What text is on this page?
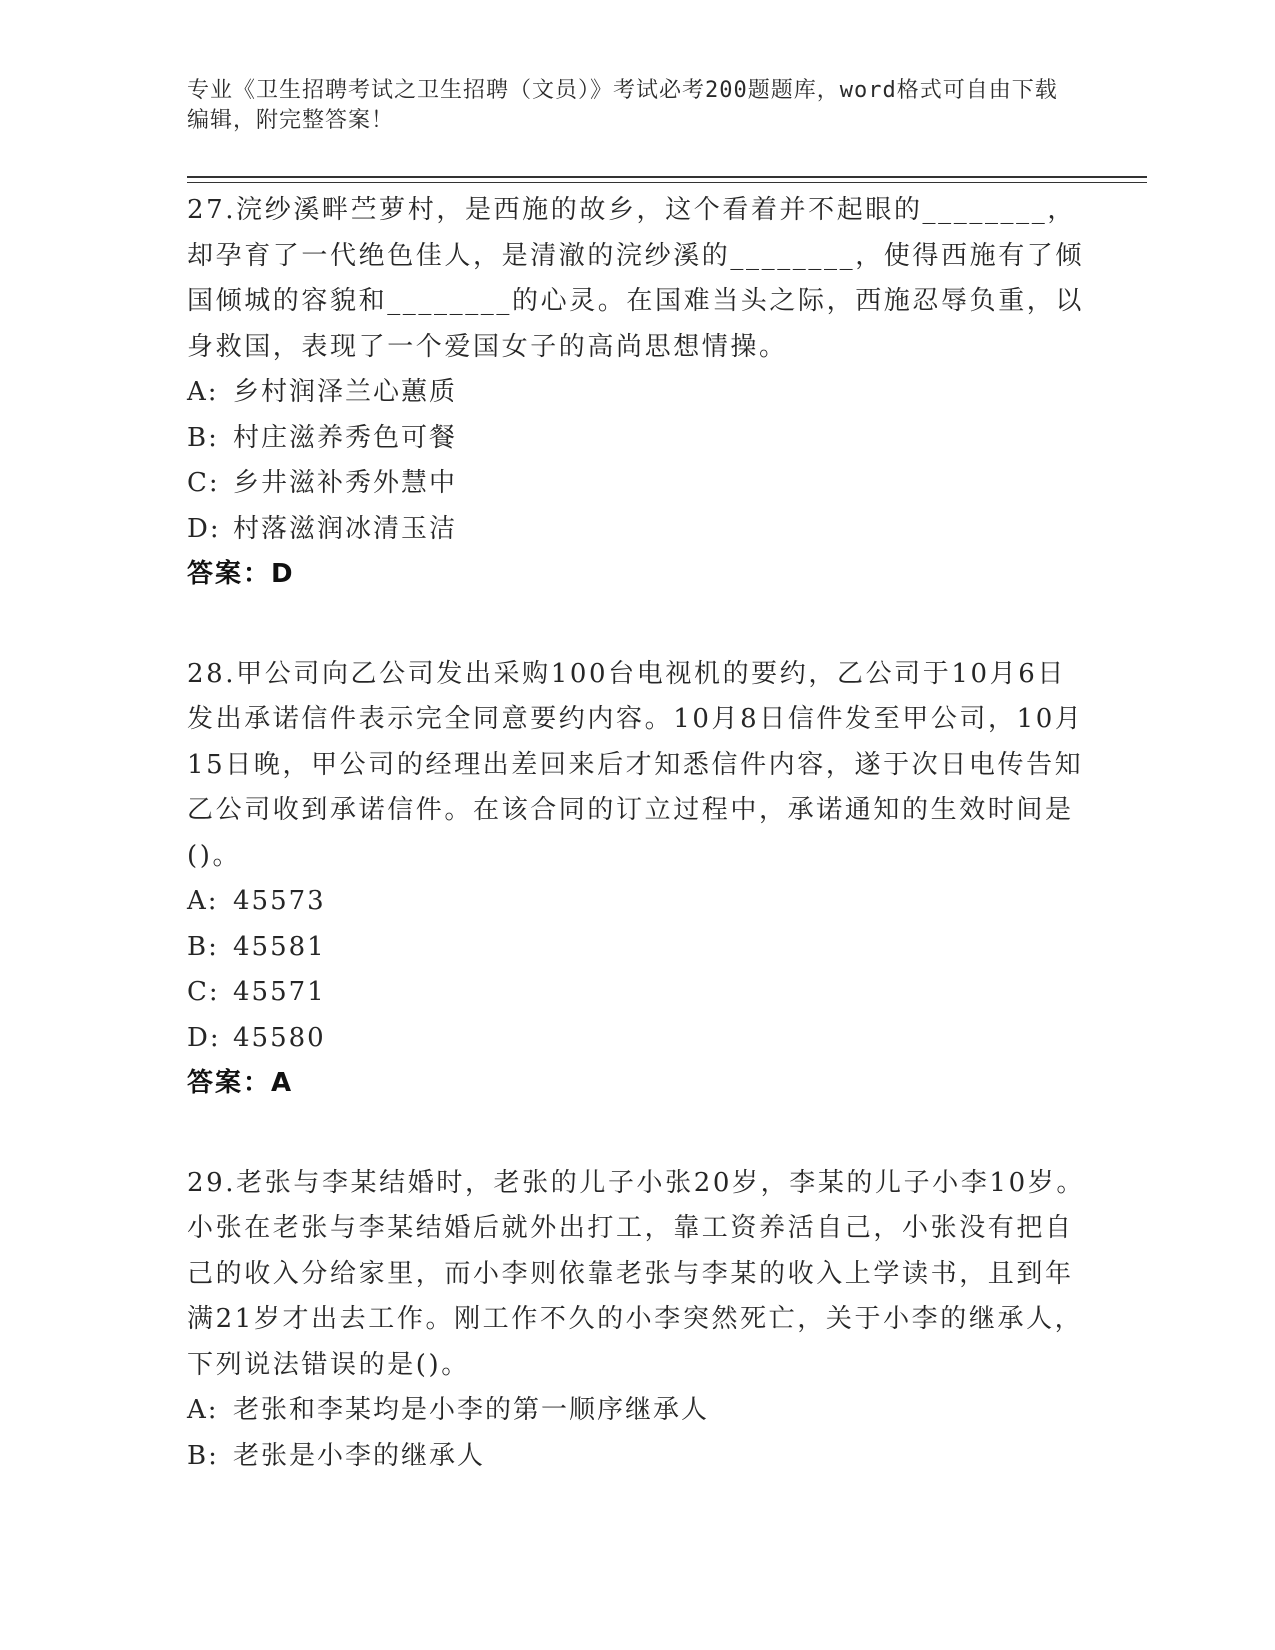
专业《卫生招聘考试之卫生招聘（文员）》考试必考200题题库，word格式可自由下载编辑，附完整答案！

27.浣纱溪畔苎萝村，是西施的故乡，这个看着并不起眼的________，却孕育了一代绝色佳人，是清澈的浣纱溪的________，使得西施有了倾国倾城的容貌和________的心灵。在国难当头之际，西施忍辱负重，以身救国，表现了一个爱国女子的高尚思想情操。

A: 乡村润泽兰心蕙质

B: 村庄滋养秀色可餐

C: 乡井滋补秀外慧中

D: 村落滋润冰清玉洁

答案：D

28.甲公司向乙公司发出采购100台电视机的要约，乙公司于10月6日发出承诺信件表示完全同意要约内容。10月8日信件发至甲公司，10月15日晚，甲公司的经理出差回来后才知悉信件内容，遂于次日电传告知乙公司收到承诺信件。在该合同的订立过程中，承诺通知的生效时间是()。

A: 45573

B: 45581

C: 45571

D: 45580

答案：A

29.老张与李某结婚时，老张的儿子小张20岁，李某的儿子小李10岁。小张在老张与李某结婚后就外出打工，靠工资养活自己，小张没有把自己的收入分给家里，而小李则依靠老张与李某的收入上学读书，且到年满21岁才出去工作。刚工作不久的小李突然死亡，关于小李的继承人，下列说法错误的是()。

A: 老张和李某均是小李的第一顺序继承人

B: 老张是小李的继承人
